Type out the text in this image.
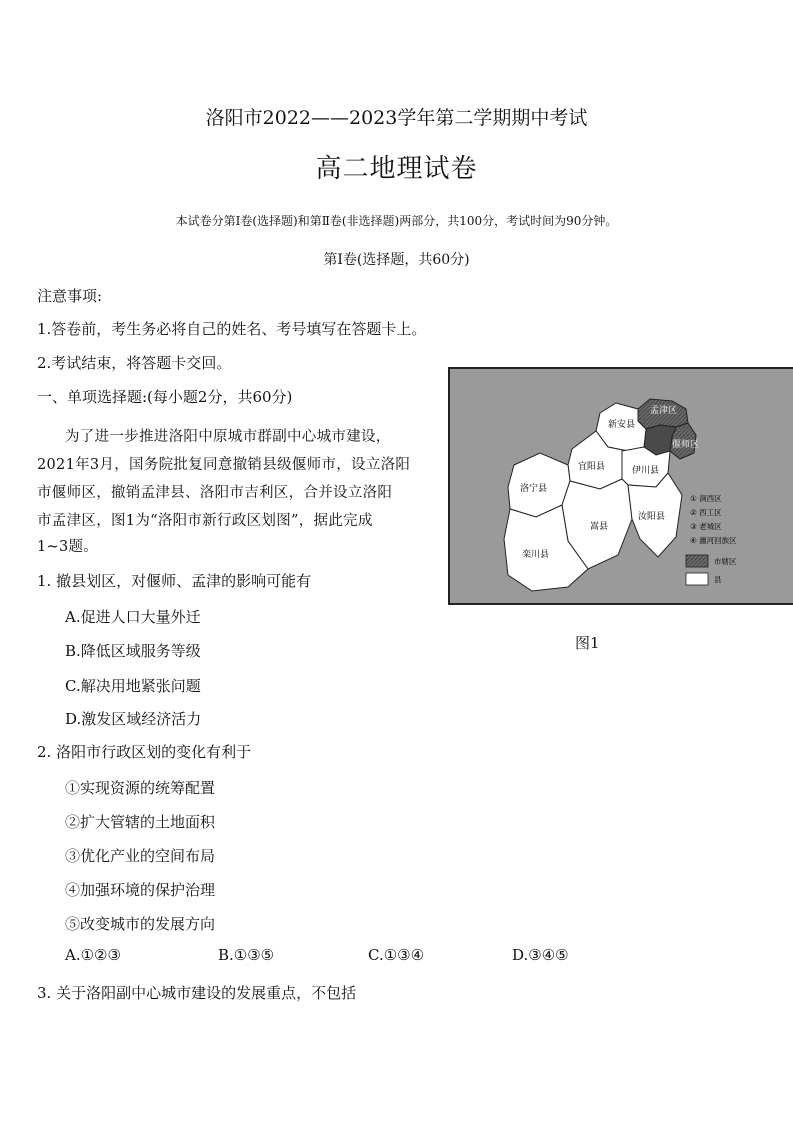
洛阳市2022——2023学年第二学期期中考试
高二地理试卷
本试卷分第Ⅰ卷(选择题)和第Ⅱ卷(非选择题)两部分，共100分，考试时间为90分钟。
第Ⅰ卷(选择题，共60分)
注意事项:
1.答卷前，考生务必将自己的姓名、考号填写在答题卡上。
2.考试结束，将答题卡交回。
一、单项选择题:(每小题2分，共60分)
为了进一步推进洛阳中原城市群副中心城市建设，
2021年3月，国务院批复同意撤销县级偃师市，设立洛阳
市偃师区，撤销孟津县、洛阳市吉利区，合并设立洛阳
市孟津区，图1为“洛阳市新行政区划图”，据此完成
1~3题。
新安县
宜阳县	伊川县
洛宁县
嵩县
汝阳县
栾川县
孟津区
偃师区
① 涧西区
② 西工区
③ 老城区
④ 瀍河回族区
市辖区
县
图1
1. 撤县划区，对偃师、孟津的影响可能有
A.促进人口大量外迁
B.降低区域服务等级
C.解决用地紧张问题
D.激发区域经济活力
2. 洛阳市行政区划的变化有利于
①实现资源的统筹配置
②扩大管辖的土地面积
③优化产业的空间布局
④加强环境的保护治理
⑤改变城市的发展方向
A.①②③	B.①③⑤	C.①③④	D.③④⑤
3. 关于洛阳副中心城市建设的发展重点，不包括
